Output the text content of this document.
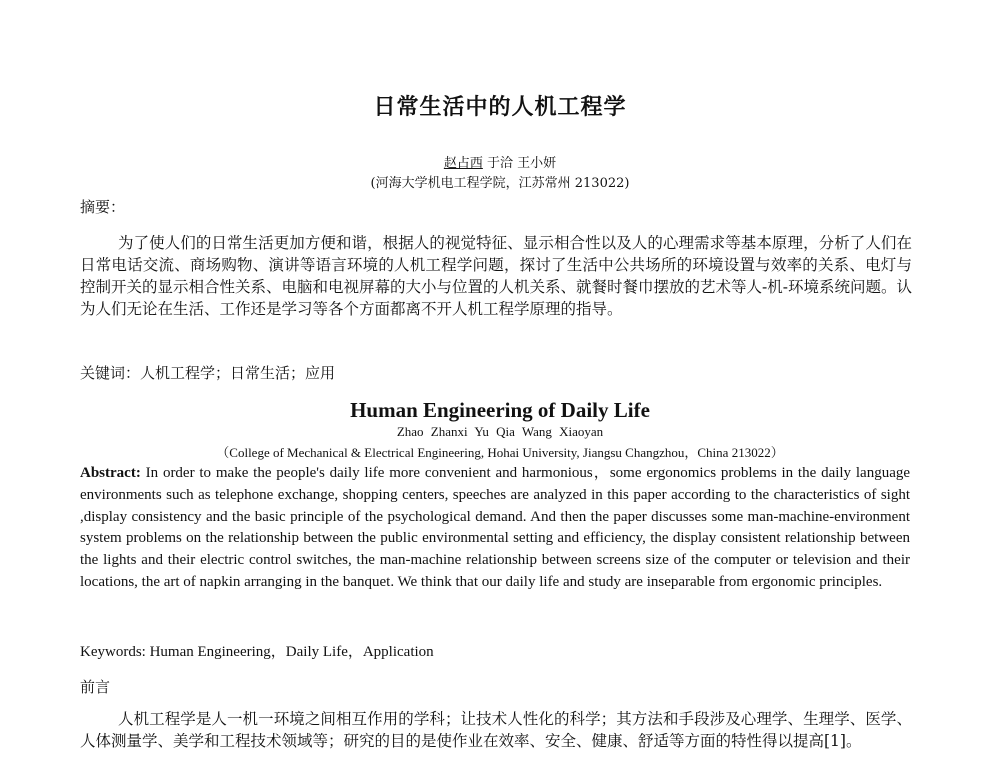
日常生活中的人机工程学
赵占西 于洽 王小妍
(河海大学机电工程学院，江苏常州 213022)
摘要：
为了使人们的日常生活更加方便和谐，根据人的视觉特征、显示相合性以及人的心理需求等基本原理，分析了人们在日常电话交流、商场购物、演讲等语言环境的人机工程学问题，探讨了生活中公共场所的环境设置与效率的关系、电灯与控制开关的显示相合性关系、电脑和电视屏幕的大小与位置的人机关系、就餐时餐巾摆放的艺术等人-机-环境系统问题。认为人们无论在生活、工作还是学习等各个方面都离不开人机工程学原理的指导。
关键词：人机工程学；日常生活；应用
Human Engineering of Daily Life
Zhao Zhanxi Yu Qia Wang Xiaoyan
（College of Mechanical & Electrical Engineering, Hohai University, Jiangsu Changzhou，China 213022）
Abstract: In order to make the people's daily life more convenient and harmonious，some ergonomics problems in the daily language environments such as telephone exchange, shopping centers, speeches are analyzed in this paper according to the characteristics of sight ,display consistency and the basic principle of the psychological demand. And then the paper discusses some man-machine-environment system problems on the relationship between the public environmental setting and efficiency, the display consistent relationship between the lights and their electric control switches, the man-machine relationship between screens size of the computer or television and their locations, the art of napkin arranging in the banquet. We think that our daily life and study are inseparable from ergonomic principles.
Keywords: Human Engineering，Daily Life，Application
前言
人机工程学是人一机一环境之间相互作用的学科；让技术人性化的科学；其方法和手段涉及心理学、生理学、医学、人体测量学、美学和工程技术领域等；研究的目的是使作业在效率、安全、健康、舒适等方面的特性得以提高[1]。
